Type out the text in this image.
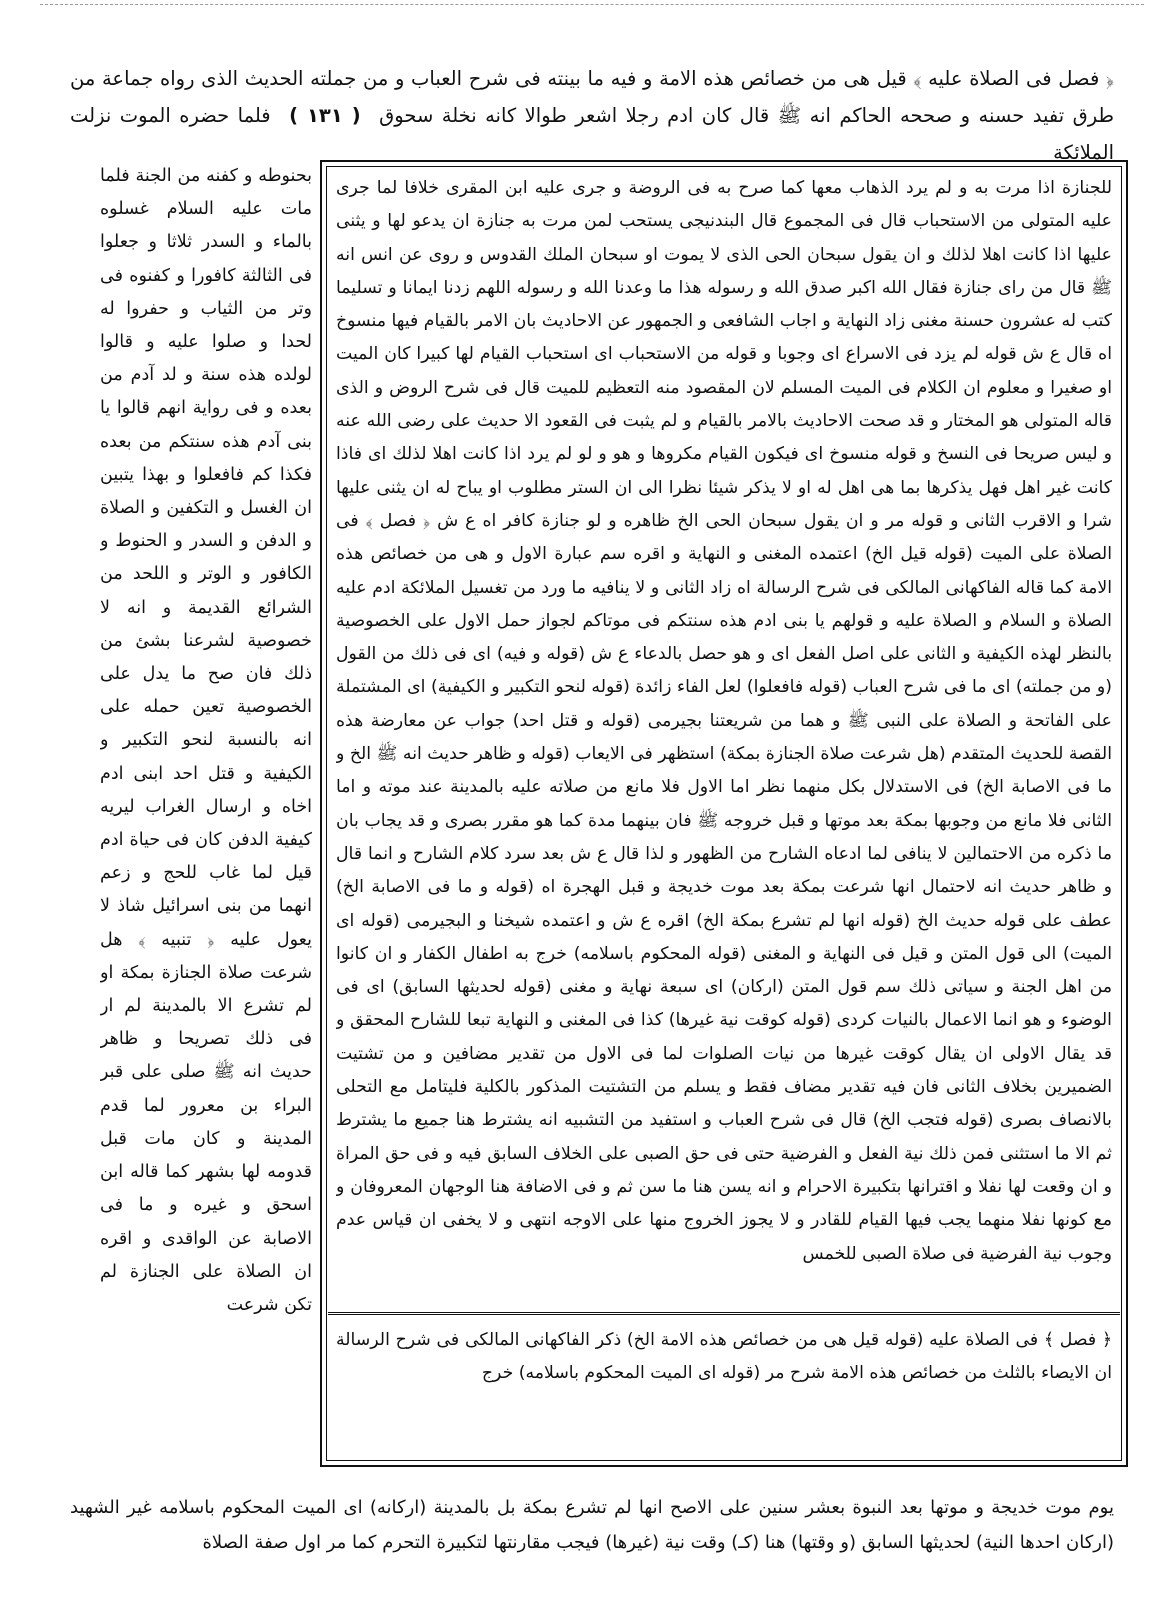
﴿ فصل فى الصلاة عليه ﴾ قيل هى من خصائص هذه الامة و فيه ما بينته فى شرح العباب و من جملته الحديث الذى رواه جماعة من طرق تفيد حسنه و صححه الحاكم انه ﷺ قال كان ادم رجلا اشعر طوالا كانه نخلة سحوق ( ۱۳۱ ) فلما حضره الموت نزلت الملائكة
للجنازة اذا مرت به و لم يرد الذهاب معها كما صرح به فى الروضة و جرى عليه ابن المقرى خلافا لما جرى عليه المتولى من الاستحباب قال فى المجموع قال البندنيجى يستحب لمن مرت به جنازة ان يدعو لها و يثنى عليها اذا كانت اهلا لذلك و ان يقول سبحان الحى الذى لا يموت او سبحان الملك القدوس و روى عن انس انه ﷺ قال من راى جنازة فقال الله اكبر صدق الله و رسوله هذا ما وعدنا الله و رسوله اللهم زدنا ايمانا و تسليما كتب له عشرون حسنة مغنى زاد النهاية و اجاب الشافعى و الجمهور عن الاحاديث بان الامر بالقيام فيها منسوخ اه قال ع ش قوله لم يزد فى الاسراع اى وجوبا و قوله من الاستحباب اى استحباب القيام لها كبيرا كان الميت او صغيرا و معلوم ان الكلام فى الميت المسلم لان المقصود منه التعظيم للميت قال فى شرح الروض و الذى قاله المتولى هو المختار و قد صحت الاحاديث بالامر بالقيام و لم يثبت فى القعود الا حديث على رضى الله عنه و ليس صريحا فى النسخ و قوله منسوخ اى فيكون القيام مكروها و هو و لو لم يرد اذا كانت اهلا لذلك اى فاذا كانت غير اهل فهل يذكرها بما هى اهل له او لا يذكر شيئا نظرا الى ان الستر مطلوب او يباح له ان يثنى عليها شرا و الاقرب الثانى و قوله مر و ان يقول سبحان الحى الخ ظاهره و لو جنازة كافر اه ع ش ﴿ فصل ﴾ فى الصلاة على الميت (قوله قيل الخ) اعتمده المغنى و النهاية و اقره سم عبارة الاول و هى من خصائص هذه الامة كما قاله الفاكهانى المالكى فى شرح الرسالة اه زاد الثانى و لا ينافيه ما ورد من تغسيل الملائكة ادم عليه الصلاة و السلام و الصلاة عليه و قولهم يا بنى ادم هذه سنتكم فى موتاكم لجواز حمل الاول على الخصوصية بالنظر لهذه الكيفية و الثانى على اصل الفعل اى و هو حصل بالدعاء ع ش (قوله و فيه) اى فى ذلك من القول (و من جملته) اى ما فى شرح العباب (قوله فافعلوا) لعل الفاء زائدة (قوله لنحو التكبير و الكيفية) اى المشتملة على الفاتحة و الصلاة على النبى ﷺ و هما من شريعتنا بجيرمى (قوله و قتل احد) جواب عن معارضة هذه القصة للحديث المتقدم (هل شرعت صلاة الجنازة بمكة) استظهر فى الايعاب (قوله و ظاهر حديث انه ﷺ الخ و ما فى الاصابة الخ) فى الاستدلال بكل منهما نظر اما الاول فلا مانع من صلاته عليه بالمدينة عند موته و اما الثانى فلا مانع من وجوبها بمكة بعد موتها و قبل خروجه ﷺ فان بينهما مدة كما هو مقرر بصرى و قد يجاب بان ما ذكره من الاحتمالين لا ينافى لما ادعاه الشارح من الظهور و لذا قال ع ش بعد سرد كلام الشارح و انما قال و ظاهر حديث انه لاحتمال انها شرعت بمكة بعد موت خديجة و قبل الهجرة اه (قوله و ما فى الاصابة الخ) عطف على قوله حديث الخ (قوله انها لم تشرع بمكة الخ) اقره ع ش و اعتمده شيخنا و البجيرمى (قوله اى الميت) الى قول المتن و قيل فى النهاية و المغنى (قوله المحكوم باسلامه) خرج به اطفال الكفار و ان كانوا من اهل الجنة و سياتى ذلك سم قول المتن (اركان) اى سبعة نهاية و مغنى (قوله لحديثها السابق) اى فى الوضوء و هو انما الاعمال بالنيات كردى (قوله كوقت نية غيرها) كذا فى المغنى و النهاية تبعا للشارح المحقق و قد يقال الاولى ان يقال كوقت غيرها من نيات الصلوات لما فى الاول من تقدير مضافين و من تشتيت الضميرين بخلاف الثانى فان فيه تقدير مضاف فقط و يسلم من التشتيت المذكور بالكلية فليتامل مع التحلى بالانصاف بصرى (قوله فتجب الخ) قال فى شرح العباب و استفيد من التشبيه انه يشترط هنا جميع ما يشترط ثم الا ما استثنى فمن ذلك نية الفعل و الفرضية حتى فى حق الصبى على الخلاف السابق فيه و فى حق المراة و ان وقعت لها نفلا و اقترانها بتكبيرة الاحرام و انه يسن هنا ما سن ثم و فى الاضافة هنا الوجهان المعروفان و مع كونها نفلا منهما يجب فيها القيام للقادر و لا يجوز الخروج منها على الاوجه انتهى و لا يخفى ان قياس عدم وجوب نية الفرضية فى صلاة الصبى للخمس
﴿ فصل ﴾ فى الصلاة عليه (قوله قيل هى من خصائص هذه الامة الخ) ذكر الفاكهانى المالكى فى شرح الرسالة ان الايصاء بالثلث من خصائص هذه الامة شرح مر (قوله اى الميت المحكوم باسلامه) خرج
بحنوطه و كفنه من الجنة فلما مات عليه السلام غسلوه بالماء و السدر ثلاثا و جعلوا فى الثالثة كافورا و كفنوه فى وتر من الثياب و حفروا له لحدا و صلوا عليه و قالوا لولده هذه سنة و لد آدم من بعده و فى رواية انهم قالوا يا بنى آدم هذه سنتكم من بعده فكذا كم فافعلوا و بهذا يتبين ان الغسل و التكفين و الصلاة و الدفن و السدر و الحنوط و الكافور و الوتر و اللحد من الشرائع القديمة و انه لا خصوصية لشرعنا بشئ من ذلك فان صح ما يدل على الخصوصية تعين حمله على انه بالنسبة لنحو التكبير و الكيفية و قتل احد ابنى ادم اخاه و ارسال الغراب ليريه كيفية الدفن كان فى حياة ادم قيل لما غاب للحج و زعم انهما من بنى اسرائيل شاذ لا يعول عليه ﴿ تنبيه ﴾ هل شرعت صلاة الجنازة بمكة او لم تشرع الا بالمدينة لم ار فى ذلك تصريحا و ظاهر حديث انه ﷺ صلى على قبر البراء بن معرور لما قدم المدينة و كان مات قبل قدومه لها بشهر كما قاله ابن اسحق و غيره و ما فى الاصابة عن الواقدى و اقره ان الصلاة على الجنازة لم تكن شرعت
يوم موت خديجة و موتها بعد النبوة بعشر سنين على الاصح انها لم تشرع بمكة بل بالمدينة (اركانه) اى الميت المحكوم باسلامه غير الشهيد (اركان احدها النية) لحديثها السابق (و وقتها) هنا (كـ) وقت نية (غيرها) فيجب مقارنتها لتكبيرة التحرم كما مر اول صفة الصلاة
